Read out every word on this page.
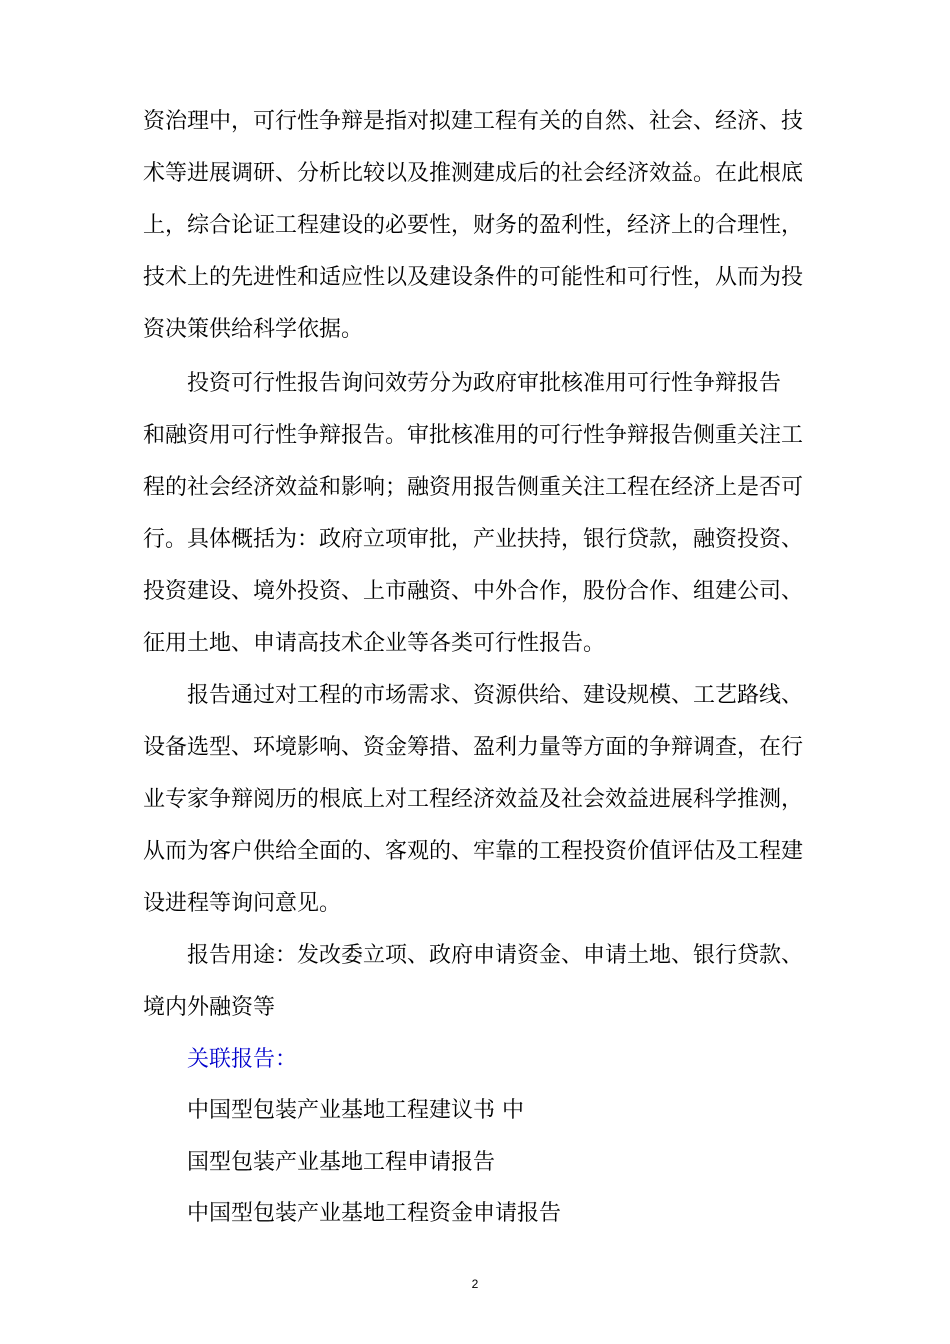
资治理中，可行性争辩是指对拟建工程有关的自然、社会、经济、技
术等进展调研、分析比较以及推测建成后的社会经济效益。在此根底
上，综合论证工程建设的必要性，财务的盈利性，经济上的合理性，
技术上的先进性和适应性以及建设条件的可能性和可行性，从而为投
资决策供给科学依据。
投资可行性报告询问效劳分为政府审批核准用可行性争辩报告
和融资用可行性争辩报告。审批核准用的可行性争辩报告侧重关注工
程的社会经济效益和影响；融资用报告侧重关注工程在经济上是否可
行。具体概括为：政府立项审批，产业扶持，银行贷款，融资投资、
投资建设、境外投资、上市融资、中外合作，股份合作、组建公司、
征用土地、申请高技术企业等各类可行性报告。
报告通过对工程的市场需求、资源供给、建设规模、工艺路线、
设备选型、环境影响、资金筹措、盈利力量等方面的争辩调查，在行
业专家争辩阅历的根底上对工程经济效益及社会效益进展科学推测，
从而为客户供给全面的、客观的、牢靠的工程投资价值评估及工程建
设进程等询问意见。
报告用途：发改委立项、政府申请资金、申请土地、银行贷款、
境内外融资等
关联报告：
中国型包装产业基地工程建议书 中
国型包装产业基地工程申请报告
中国型包装产业基地工程资金申请报告
2
